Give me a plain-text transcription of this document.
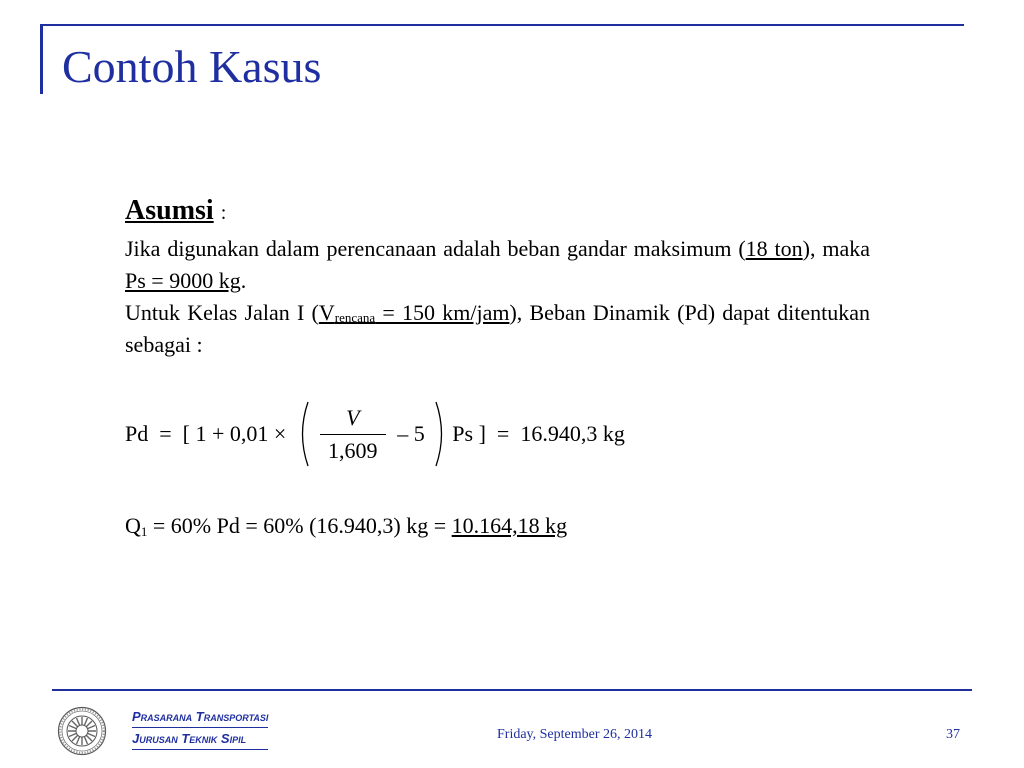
Contoh Kasus
Asumsi :
Jika digunakan dalam perencanaan adalah beban gandar maksimum (18 ton), maka Ps = 9000 kg.
Untuk Kelas Jalan I ($V_{rencana} = 150$ km/jam), Beban Dinamik (Pd) dapat ditentukan sebagai :
Pd  =  [ $1 + 0,01 \times \frac{V}{1,609} - 5$ Ps ]  =  16.940,3 kg
$Q_1 = 60\%$ Pd = 60% (16.940,3) kg = 10.164,18 kg
Prasarana Transportasi
Jurusan Teknik Sipil	Friday, September 26, 2014	37
